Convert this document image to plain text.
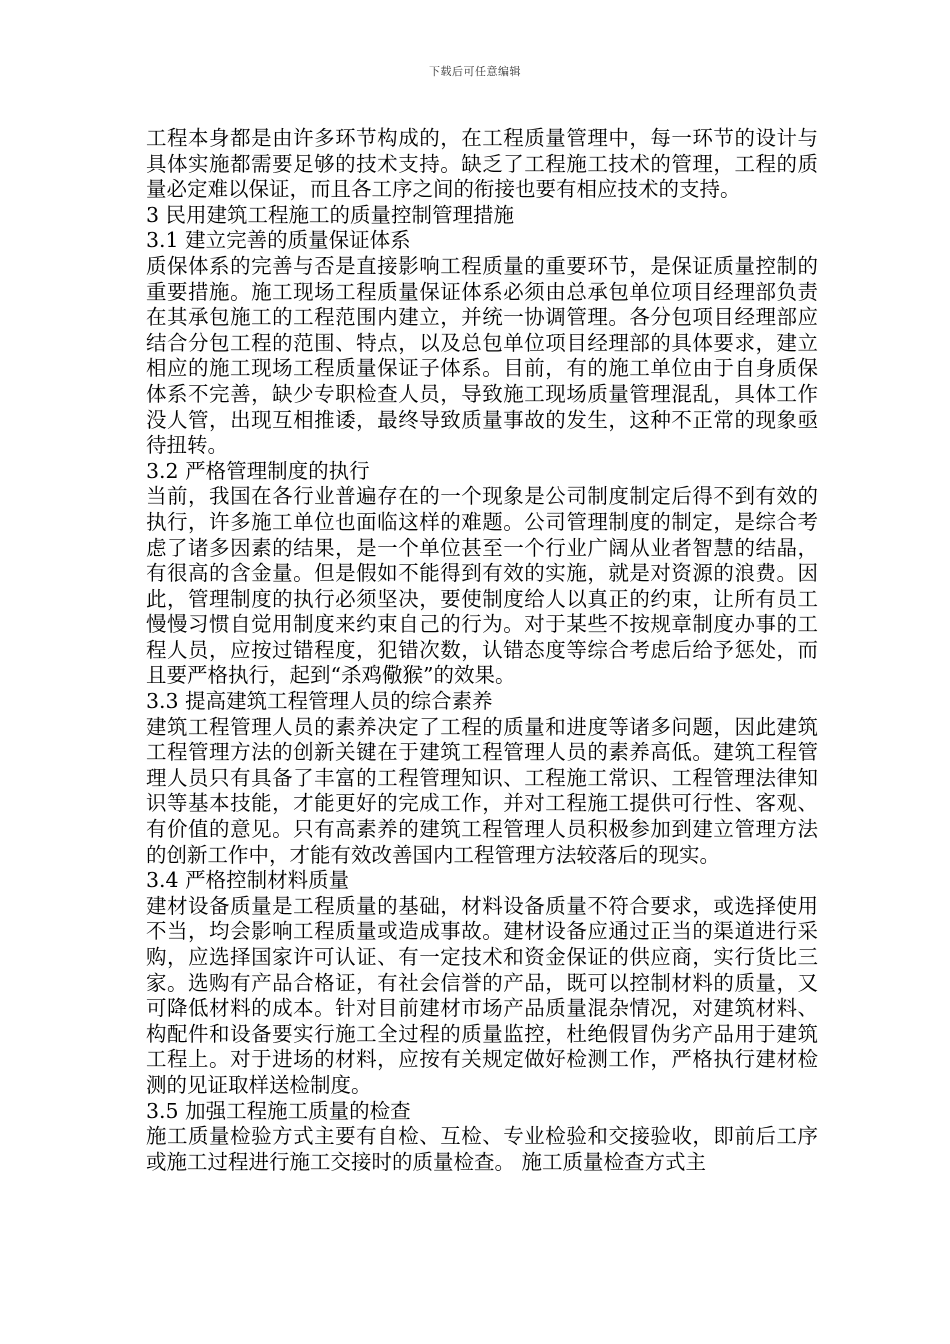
下载后可任意编辑

工程本身都是由许多环节构成的，在工程质量管理中，每一环节的设计与具体实施都需要足够的技术支持。缺乏了工程施工技术的管理，工程的质量必定难以保证，而且各工序之间的衔接也要有相应技术的支持。

3 民用建筑工程施工的质量控制管理措施
3.1 建立完善的质量保证体系

质保体系的完善与否是直接影响工程质量的重要环节，是保证质量控制的重要措施。施工现场工程质量保证体系必须由总承包单位项目经理部负责在其承包施工的工程范围内建立，并统一协调管理。各分包项目经理部应结合分包工程的范围、特点，以及总包单位项目经理部的具体要求，建立相应的施工现场工程质量保证子体系。目前，有的施工单位由于自身质保体系不完善，缺少专职检查人员，导致施工现场质量管理混乱，具体工作没人管，出现互相推诿，最终导致质量事故的发生，这种不正常的现象亟待扭转。

3.2 严格管理制度的执行

当前，我国在各行业普遍存在的一个现象是公司制度制定后得不到有效的执行，许多施工单位也面临这样的难题。公司管理制度的制定，是综合考虑了诸多因素的结果，是一个单位甚至一个行业广阔从业者智慧的结晶，有很高的含金量。但是假如不能得到有效的实施，就是对资源的浪费。因此，管理制度的执行必须坚决，要使制度给人以真正的约束，让所有员工慢慢习惯自觉用制度来约束自己的行为。对于某些不按规章制度办事的工程人员，应按过错程度，犯错次数，认错态度等综合考虑后给予惩处，而且要严格执行，起到“杀鸡儆猴”的效果。

3.3 提高建筑工程管理人员的综合素养

建筑工程管理人员的素养决定了工程的质量和进度等诸多问题，因此建筑工程管理方法的创新关键在于建筑工程管理人员的素养高低。建筑工程管理人员只有具备了丰富的工程管理知识、工程施工常识、工程管理法律知识等基本技能，才能更好的完成工作，并对工程施工提供可行性、客观、有价值的意见。只有高素养的建筑工程管理人员积极参加到建立管理方法的创新工作中，才能有效改善国内工程管理方法较落后的现实。

3.4 严格控制材料质量

建材设备质量是工程质量的基础，材料设备质量不符合要求，或选择使用不当，均会影响工程质量或造成事故。建材设备应通过正当的渠道进行采购，应选择国家许可认证、有一定技术和资金保证的供应商，实行货比三家。选购有产品合格证，有社会信誉的产品，既可以控制材料的质量，又可降低材料的成本。针对目前建材市场产品质量混杂情况，对建筑材料、构配件和设备要实行施工全过程的质量监控，杜绝假冒伪劣产品用于建筑工程上。对于进场的材料，应按有关规定做好检测工作，严格执行建材检测的见证取样送检制度。

3.5 加强工程施工质量的检查

施工质量检验方式主要有自检、互检、专业检验和交接验收，即前后工序或施工过程进行施工交接时的质量检查。 施工质量检查方式主
